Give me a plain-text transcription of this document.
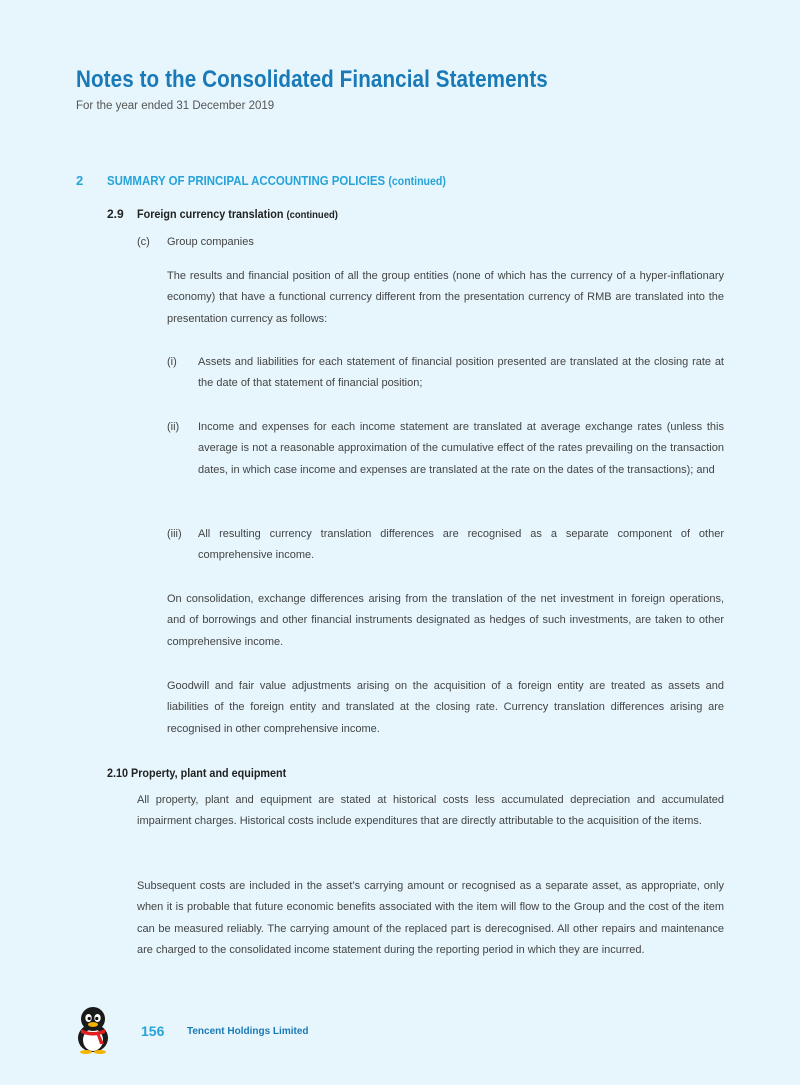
Notes to the Consolidated Financial Statements
For the year ended 31 December 2019
2 SUMMARY OF PRINCIPAL ACCOUNTING POLICIES (continued)
2.9 Foreign currency translation (continued)
(c) Group companies

The results and financial position of all the group entities (none of which has the currency of a hyper-inflationary economy) that have a functional currency different from the presentation currency of RMB are translated into the presentation currency as follows:

(i) Assets and liabilities for each statement of financial position presented are translated at the closing rate at the date of that statement of financial position;

(ii) Income and expenses for each income statement are translated at average exchange rates (unless this average is not a reasonable approximation of the cumulative effect of the rates prevailing on the transaction dates, in which case income and expenses are translated at the rate on the dates of the transactions); and

(iii) All resulting currency translation differences are recognised as a separate component of other comprehensive income.

On consolidation, exchange differences arising from the translation of the net investment in foreign operations, and of borrowings and other financial instruments designated as hedges of such investments, are taken to other comprehensive income.

Goodwill and fair value adjustments arising on the acquisition of a foreign entity are treated as assets and liabilities of the foreign entity and translated at the closing rate. Currency translation differences arising are recognised in other comprehensive income.

2.10 Property, plant and equipment

All property, plant and equipment are stated at historical costs less accumulated depreciation and accumulated impairment charges. Historical costs include expenditures that are directly attributable to the acquisition of the items.

Subsequent costs are included in the asset’s carrying amount or recognised as a separate asset, as appropriate, only when it is probable that future economic benefits associated with the item will flow to the Group and the cost of the item can be measured reliably. The carrying amount of the replaced part is derecognised. All other repairs and maintenance are charged to the consolidated income statement during the reporting period in which they are incurred.

156 Tencent Holdings Limited
